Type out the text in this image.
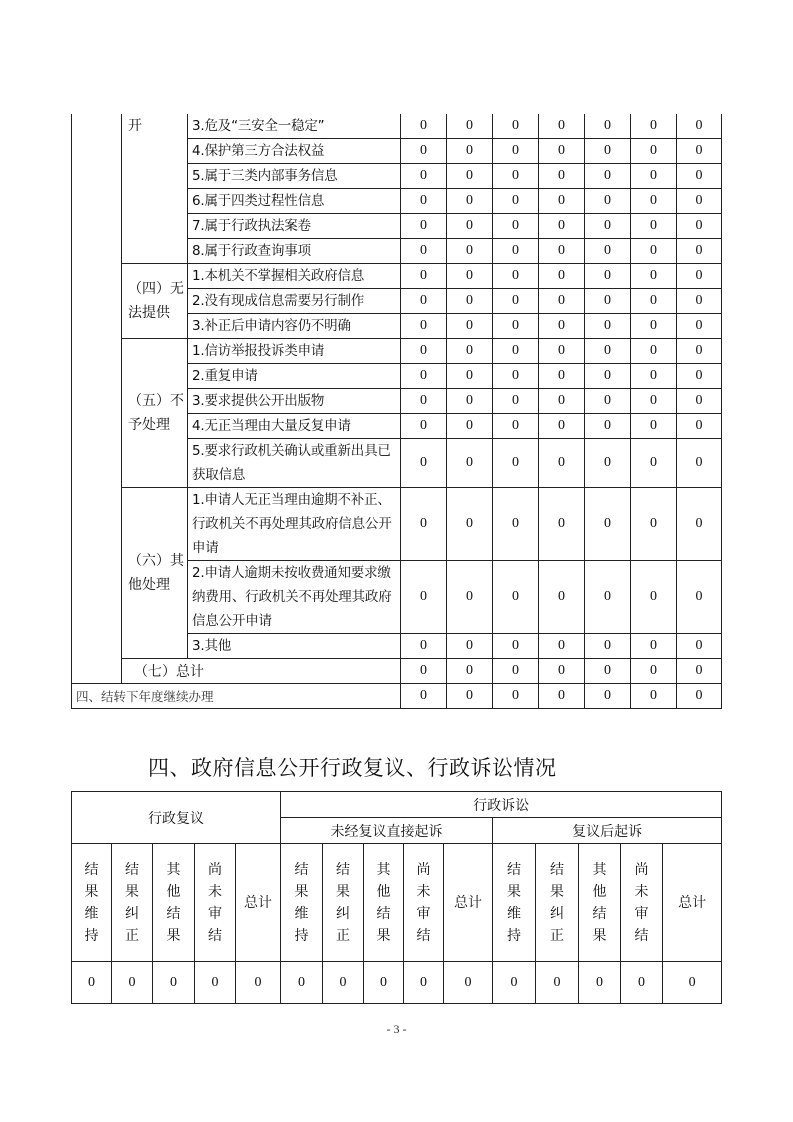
	开	3.危及“三安全一稳定”	0	0	0	0	0	0	0
		4.保护第三方合法权益	0	0	0	0	0	0	0
		5.属于三类内部事务信息	0	0	0	0	0	0	0
		6.属于四类过程性信息	0	0	0	0	0	0	0
		7.属于行政执法案卷	0	0	0	0	0	0	0
		8.属于行政查询事项	0	0	0	0	0	0	0
	（四）无法提供	1.本机关不掌握相关政府信息	0	0	0	0	0	0	0
		2.没有现成信息需要另行制作	0	0	0	0	0	0	0
		3.补正后申请内容仍不明确	0	0	0	0	0	0	0
	（五）不予处理	1.信访举报投诉类申请	0	0	0	0	0	0	0
		2.重复申请	0	0	0	0	0	0	0
		3.要求提供公开出版物	0	0	0	0	0	0	0
		4.无正当理由大量反复申请	0	0	0	0	0	0	0
		5.要求行政机关确认或重新出具已获取信息	0	0	0	0	0	0	0
	（六）其他处理	1.申请人无正当理由逾期不补正、行政机关不再处理其政府信息公开申请	0	0	0	0	0	0	0
		2.申请人逾期未按收费通知要求缴纳费用、行政机关不再处理其政府信息公开申请	0	0	0	0	0	0	0
		3.其他	0	0	0	0	0	0	0
	（七）总计		0	0	0	0	0	0	0
四、结转下年度继续办理			0	0	0	0	0	0	0
四、政府信息公开行政复议、行政诉讼情况
行政复议					行政诉讼									
					未经复议直接起诉					复议后起诉				
结果维持	结果纠正	其他结果	尚未审结	总计	结果维持	结果纠正	其他结果	尚未审结	总计	结果维持	结果纠正	其他结果	尚未审结	总计
0	0	0	0	0	0	0	0	0	0	0	0	0	0	0
- 3 -
